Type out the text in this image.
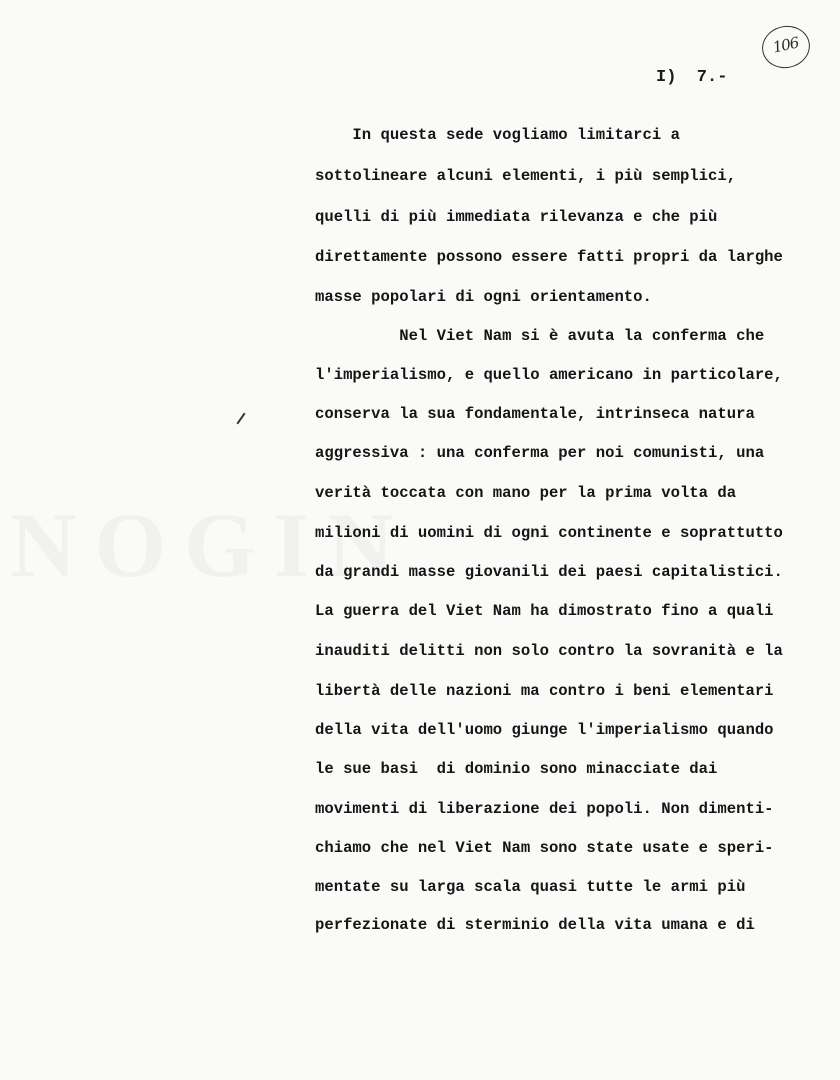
106
I)  7.-
In questa sede vogliamo limitarci a
sottolineare alcuni elementi, i più semplici,
quelli di più immediata rilevanza e che più
direttamente possono essere fatti propri da larghe
masse popolari di ogni orientamento.
Nel Viet Nam si è avuta la conferma che
l'imperialismo, e quello americano in particolare,
conserva la sua fondamentale, intrinseca natura
aggressiva : una conferma per noi comunisti, una
verità toccata con mano per la prima volta da
milioni di uomini di ogni continente e soprattutto
da grandi masse giovanili dei paesi capitalistici.
La guerra del Viet Nam ha dimostrato fino a quali
inauditi delitti non solo contro la sovranità e la
libertà delle nazioni ma contro i beni elementari
della vita dell'uomo giunge l'imperialismo quando
le sue basi  di dominio sono minacciate dai
movimenti di liberazione dei popoli. Non dimenti-
chiamo che nel Viet Nam sono state usate e speri-
mentate su larga scala quasi tutte le armi più
perfezionate di sterminio della vita umana e di
